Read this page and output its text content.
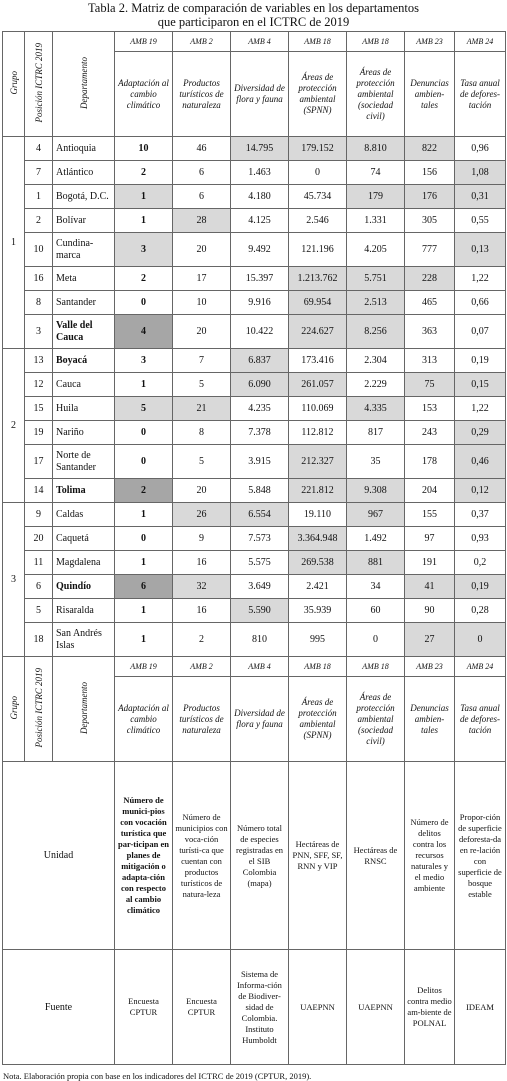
Tabla 2. Matriz de comparación de variables en los departamentos
que participaron en el ICTRC de 2019
Grupo	Posición ICTRC 2019	Departamento	AMB 19	AMB 2	AMB 4	AMB 18	AMB 18	AMB 23	AMB 24
			Adaptación al cambio climático	Productos turísticos de naturaleza	Diversidad de flora y fauna	Áreas de protección ambiental (SPNN)	Áreas de protección ambiental (sociedad civil)	Denuncias ambien-tales	Tasa anual de defores-tación
1	4	Antioquia	10	46	14.795	179.152	8.810	822	0,96
	7	Atlántico	2	6	1.463	0	74	156	1,08
	1	Bogotá, D.C.	1	6	4.180	45.734	179	176	0,31
	2	Bolívar	1	28	4.125	2.546	1.331	305	0,55
	10	Cundina-marca	3	20	9.492	121.196	4.205	777	0,13
	16	Meta	2	17	15.397	1.213.762	5.751	228	1,22
	8	Santander	0	10	9.916	69.954	2.513	465	0,66
	3	Valle del Cauca	4	20	10.422	224.627	8.256	363	0,07
2	13	Boyacá	3	7	6.837	173.416	2.304	313	0,19
	12	Cauca	1	5	6.090	261.057	2.229	75	0,15
	15	Huila	5	21	4.235	110.069	4.335	153	1,22
	19	Nariño	0	8	7.378	112.812	817	243	0,29
	17	Norte de Santander	0	5	3.915	212.327	35	178	0,46
	14	Tolima	2	20	5.848	221.812	9.308	204	0,12
3	9	Caldas	1	26	6.554	19.110	967	155	0,37
	20	Caquetá	0	9	7.573	3.364.948	1.492	97	0,93
	11	Magdalena	1	16	5.575	269.538	881	191	0,2
	6	Quindío	6	32	3.649	2.421	34	41	0,19
	5	Risaralda	1	16	5.590	35.939	60	90	0,28
	18	San Andrés Islas	1	2	810	995	0	27	0
Grupo	Posición ICTRC 2019	Departamento	AMB 19	AMB 2	AMB 4	AMB 18	AMB 18	AMB 23	AMB 24
			Adaptación al cambio climático	Productos turísticos de naturaleza	Diversidad de flora y fauna	Áreas de protección ambiental (SPNN)	Áreas de protección ambiental (sociedad civil)	Denuncias ambien-tales	Tasa anual de defores-tación
Unidad			Número de munici-pios con vocación turística que par-ticipan en planes de mitigación o adapta-ción con respecto al cambio climático	Número de municipios con voca-ción turísti-ca que cuentan con productos turísticos de natura-leza	Número total de especies registradas en el SIB Colombia (mapa)	Hectáreas de PNN, SFF, SF, RNN y VIP	Hectáreas de RNSC	Número de delitos contra los recursos naturales y el medio ambiente	Propor-ción de superficie deforesta-da en re-lación con superficie de bosque estable
Fuente			Encuesta CPTUR	Encuesta CPTUR	Sistema de Informa-ción de Biodiver-sidad de Colombia. Instituto Humboldt	UAEPNN	UAEPNN	Delitos contra medio am-biente de POLNAL	IDEAM
Nota. Elaboración propia con base en los indicadores del ICTRC de 2019 (CPTUR, 2019).
